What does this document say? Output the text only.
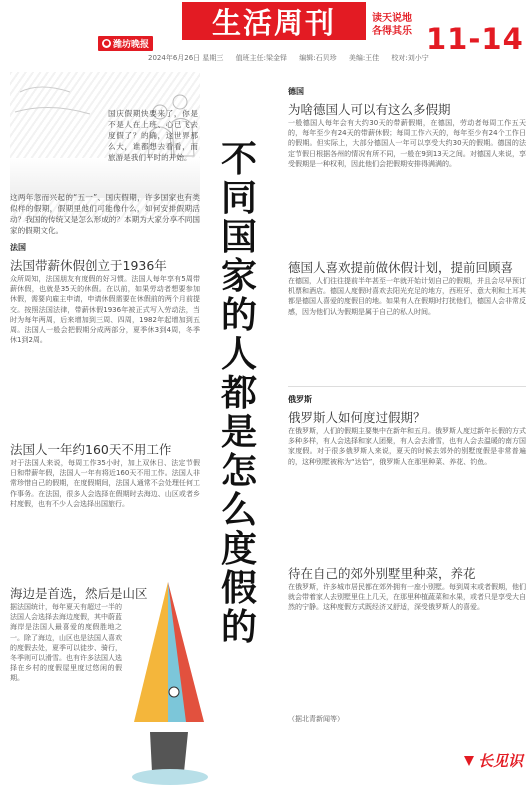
● 潍坊晚报
生活周刊	读天说地 各得其乐 11-14
2024年6月26日 星期三 值班主任:梁金铎 编辑:石贝珍 美编:王佳 校对:刘小宁
国庆假期快要来了，你是不是人在上班、心已飞去度假了？的确，这世界那么大，谁都想去看看，而旅游是我们平时的开始。
这两年忽而兴起的“五一”、国庆假期，许多国家也有类似样的假期，假期里他们可能像什么，如何安排假期活动？我国的传统又是怎么形成的？本期为大家分享不同国家的假期文化。
法国
法国带薪休假创立于1936年
众所周知，法国朋友有度假的好习惯。法国人每年享有5周带薪休假，也就是35天的休假。在以前，如果劳动者想要参加休假，需要向雇主申请，申请休假需要在休假前的两个月前提交。按照法国法律，带薪休假1936年被正式写入劳动法，当时为每年两周，后来增加到三周、四周，1982年起增加到五周。法国人一般会把假期分成两部分，夏季休3到4周，冬季休1到2周。
法国人一年约160天不用工作
对于法国人来说，每周工作35小时，加上双休日、法定节假日和带薪年假，法国人一年有将近160天不用工作。法国人非常珍惜自己的假期，在度假期间，法国人通常不会处理任何工作事务。在法国，很多人会选择在假期时去海边、山区或者乡村度假，也有不少人会选择出国旅行。
海边是首选，然后是山区
据法国统计，每年夏天有超过一半的法国人会选择去海边度假，其中蔚蓝海岸是法国人最喜爱的度假胜地之一。除了海边，山区也是法国人喜欢的度假去处，夏季可以徒步、骑行，冬季则可以滑雪。也有许多法国人选择在乡村的度假屋里度过悠闲的假期。
不
同
国
家
的
人
都
是
怎
么
度
假
的
德国
为啥德国人可以有这么多假期
一般德国人每年会有大约30天的带薪假期，在德国，劳动者每周工作五天的，每年至少有24天的带薪休假；每周工作六天的，每年至少有24个工作日的假期。但实际上，大部分德国人一年可以享受大约30天的假期。德国的法定节假日根据各州的情况有所不同，一般在9到13天之间。对德国人来说，享受假期是一种权利，因此他们会把假期安排得满满的。
德国人喜欢提前做休假计划，提前回顾喜
在德国，人们往往提前半年甚至一年就开始计划自己的假期，并且会尽早预订机票和酒店。德国人度假时喜欢去阳光充足的地方，西班牙、意大利和土耳其都是德国人喜爱的度假目的地。如果有人在假期时打扰他们，德国人会非常反感，因为他们认为假期是属于自己的私人时间。
俄罗斯
俄罗斯人如何度过假期？
在俄罗斯，人们的假期主要集中在新年和五月。俄罗斯人度过新年长假的方式多种多样，有人会选择和家人团聚，有人会去滑雪，也有人会去温暖的南方国家度假。对于很多俄罗斯人来说，夏天的时候去郊外的别墅度假是非常普遍的，这种别墅被称为“达恰”，俄罗斯人在那里种菜、养花、钓鱼。
待在自己的郊外别墅里种菜，养花
在俄罗斯，许多城市居民都在郊外拥有一座小别墅。每到周末或者假期，他们就会带着家人去别墅里住上几天，在那里种植蔬菜和水果，或者只是享受大自然的宁静。这种度假方式既经济又舒适，深受俄罗斯人的喜爱。
（据北青新闻等）
长见识
